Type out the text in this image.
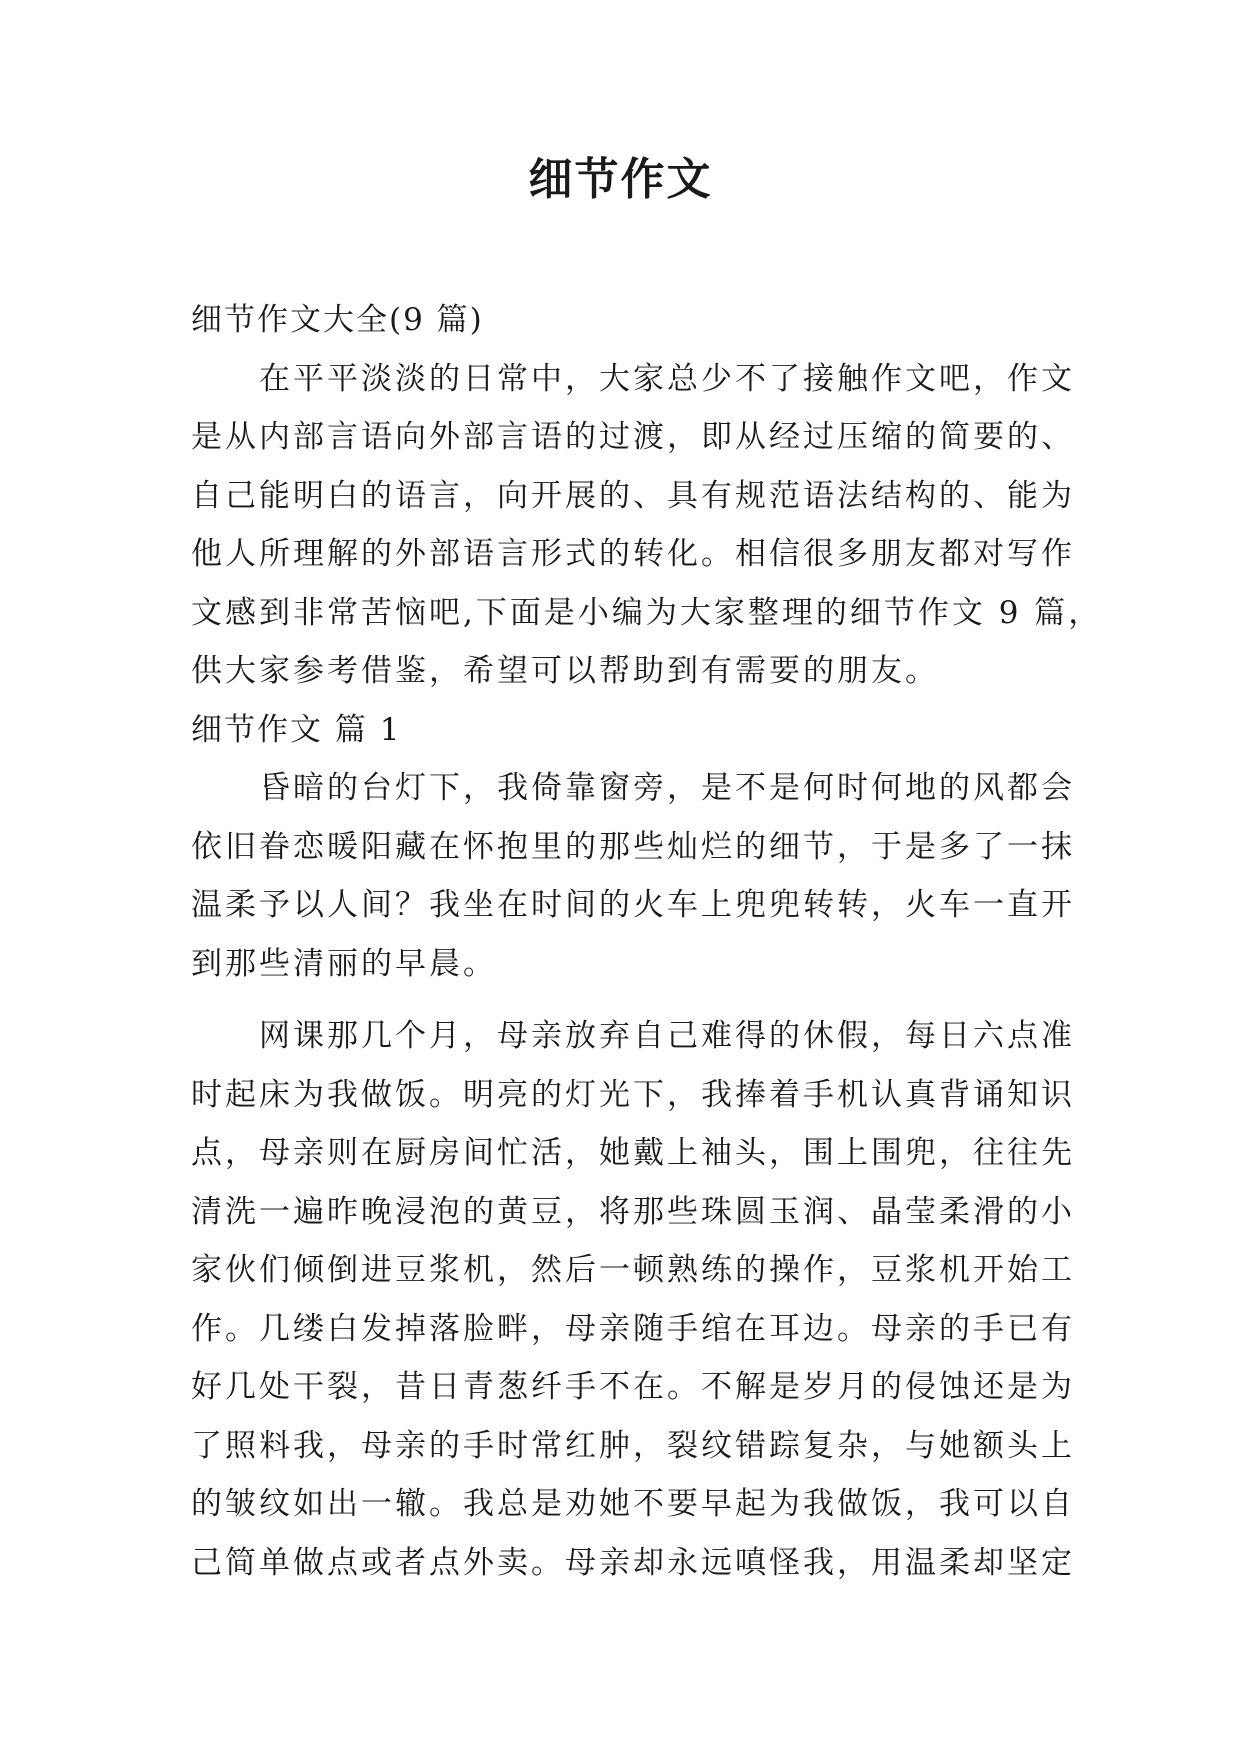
细节作文

细节作文大全(9 篇)

在平平淡淡的日常中，大家总少不了接触作文吧，作文

是从内部言语向外部言语的过渡，即从经过压缩的简要的、

自己能明白的语言，向开展的、具有规范语法结构的、能为

他人所理解的外部语言形式的转化。相信很多朋友都对写作

文感到非常苦恼吧,下面是小编为大家整理的细节作文 9 篇，

供大家参考借鉴，希望可以帮助到有需要的朋友。

细节作文 篇 1

昏暗的台灯下，我倚靠窗旁，是不是何时何地的风都会

依旧眷恋暖阳藏在怀抱里的那些灿烂的细节，于是多了一抹

温柔予以人间？我坐在时间的火车上兜兜转转，火车一直开

到那些清丽的早晨。

网课那几个月，母亲放弃自己难得的休假，每日六点准

时起床为我做饭。明亮的灯光下，我捧着手机认真背诵知识

点，母亲则在厨房间忙活，她戴上袖头，围上围兜，往往先

清洗一遍昨晚浸泡的黄豆，将那些珠圆玉润、晶莹柔滑的小

家伙们倾倒进豆浆机，然后一顿熟练的操作，豆浆机开始工

作。几缕白发掉落脸畔，母亲随手绾在耳边。母亲的手已有

好几处干裂，昔日青葱纤手不在。不解是岁月的侵蚀还是为

了照料我，母亲的手时常红肿，裂纹错踪复杂，与她额头上

的皱纹如出一辙。我总是劝她不要早起为我做饭，我可以自

己简单做点或者点外卖。母亲却永远嗔怪我，用温柔却坚定
